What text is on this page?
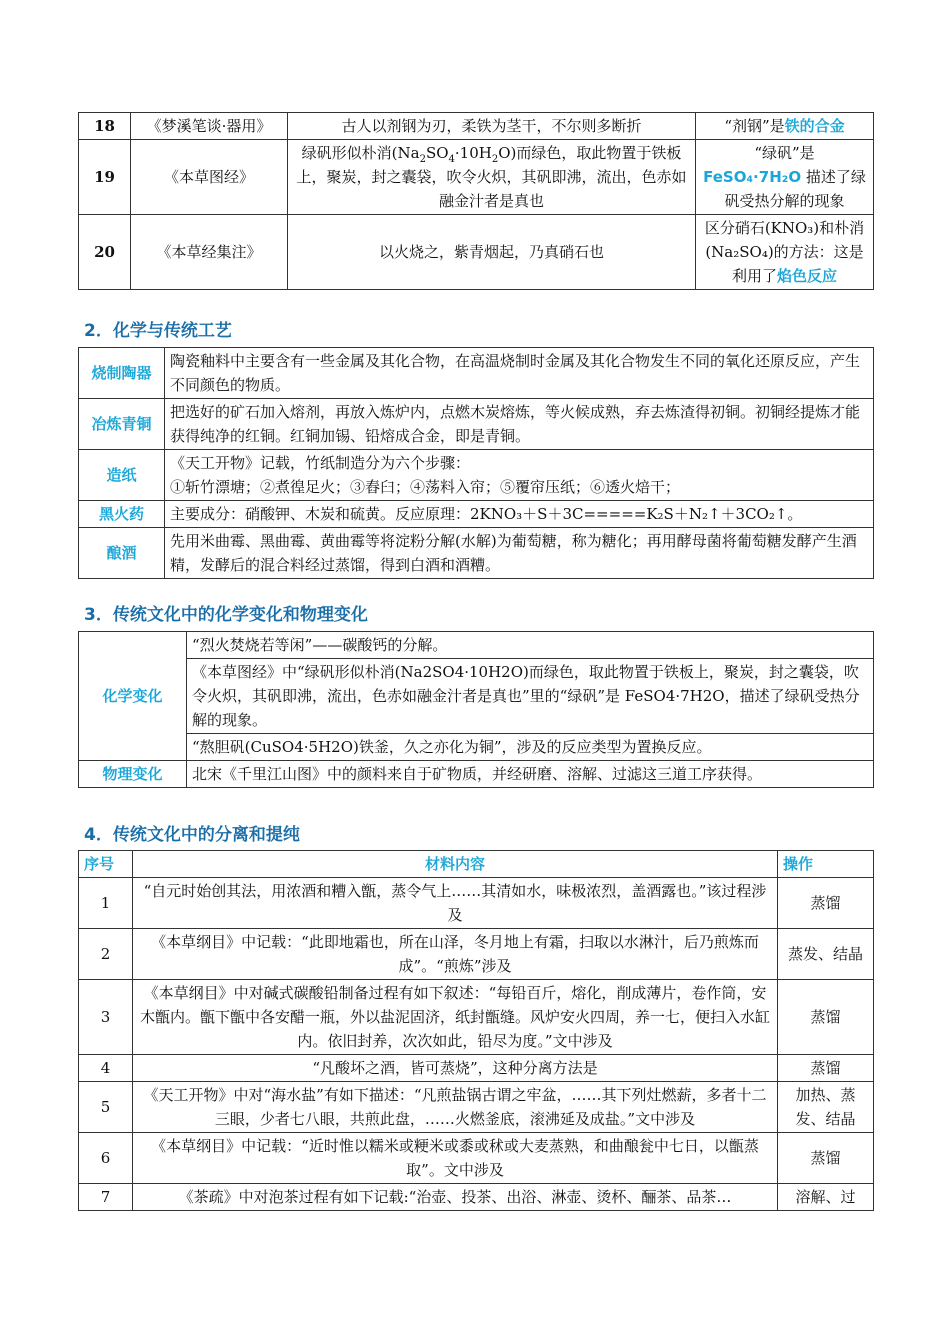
18	《梦溪笔谈·器用》	古人以剂钢为刃，柔铁为茎干，不尔则多断折	“剂钢”是铁的合金
19	《本草图经》	绿矾形似朴消$(Na_2SO_4\cdot 10H_2O)$而绿色，取此物置于铁板上，聚炭，封之囊袋，吹令火炽，其矾即沸，流出，色赤如融金汁者是真也	“绿矾”是
FeSO₄·7H₂O 描述了绿矾受热分解的现象
20	《本草经集注》	以火烧之，紫青烟起，乃真硝石也	区分硝石(KNO₃)和朴消(Na₂SO₄)的方法：这是利用了焰色反应
2．化学与传统工艺
烧制陶器	陶瓷釉料中主要含有一些金属及其化合物，在高温烧制时金属及其化合物发生不同的氧化还原反应，产生不同颜色的物质。
冶炼青铜	把选好的矿石加入熔剂，再放入炼炉内，点燃木炭熔炼，等火候成熟，弃去炼渣得初铜。初铜经提炼才能获得纯净的红铜。红铜加锡、铅熔成合金，即是青铜。
造纸	《天工开物》记载，竹纸制造分为六个步骤：
①斩竹漂塘；②煮徨足火；③舂臼；④荡料入帘；⑤覆帘压纸；⑥透火焙干；
黑火药	主要成分：硝酸钾、木炭和硫黄。反应原理：2KNO₃＋S＋3C=====K₂S＋N₂↑＋3CO₂↑。
酿酒	先用米曲霉、黑曲霉、黄曲霉等将淀粉分解(水解)为葡萄糖，称为糖化；再用酵母菌将葡萄糖发酵产生酒精，发酵后的混合料经过蒸馏，得到白酒和酒糟。
3．传统文化中的化学变化和物理变化
化学变化	“烈火焚烧若等闲”——碳酸钙的分解。
	《本草图经》中“绿矾形似朴消(Na2SO4·10H2O)而绿色，取此物置于铁板上，聚炭，封之囊袋，吹令火炽，其矾即沸，流出，色赤如融金汁者是真也”里的“绿矾”是 FeSO4·7H2O，描述了绿矾受热分解的现象。
	“熬胆矾(CuSO4·5H2O)铁釜，久之亦化为铜”，涉及的反应类型为置换反应。
物理变化	北宋《千里江山图》中的颜料来自于矿物质，并经研磨、溶解、过滤这三道工序获得。
4．传统文化中的分离和提纯
序号	材料内容	操作
1	“自元时始创其法，用浓酒和糟入甑，蒸令气上……其清如水，味极浓烈，盖酒露也。”该过程涉及	蒸馏
2	《本草纲目》中记载：“此即地霜也，所在山泽，冬月地上有霜，扫取以水淋汁，后乃煎炼而成”。“煎炼”涉及	蒸发、结晶
3	《本草纲目》中对碱式碳酸铅制备过程有如下叙述：“每铅百斤，熔化，削成薄片，卷作筒，安木甑内。甑下甑中各安醋一瓶，外以盐泥固济，纸封甑缝。风炉安火四周，养一七，便扫入水缸内。依旧封养，次次如此，铅尽为度。”文中涉及	蒸馏
4	“凡酸坏之酒，皆可蒸烧”，这种分离方法是	蒸馏
5	《天工开物》中对“海水盐”有如下描述：“凡煎盐锅古谓之牢盆，……其下列灶燃薪，多者十二三眼，少者七八眼，共煎此盘，……火燃釜底，滚沸延及成盐。”文中涉及	加热、蒸发、结晶
6	《本草纲目》中记载：“近时惟以糯米或粳米或黍或秫或大麦蒸熟，和曲酿瓮中七日，以甑蒸取”。文中涉及	蒸馏
7	《茶疏》中对泡茶过程有如下记载:“治壶、投茶、出浴、淋壶、烫杯、酾茶、品茶…	溶解、过
